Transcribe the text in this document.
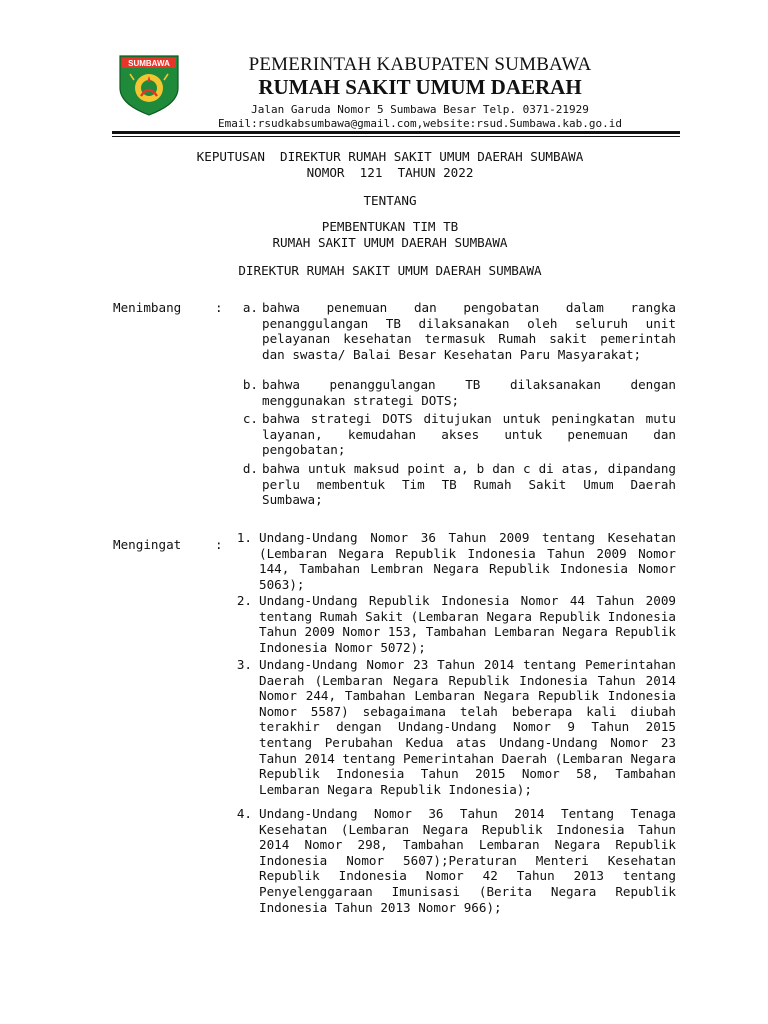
SUMBAWA	PEMERINTAH KABUPATEN SUMBAWA
RUMAH SAKIT UMUM DAERAH
Jalan Garuda Nomor 5 Sumbawa Besar Telp. 0371-21929
Email:rsudkabsumbawa@gmail.com,website:rsud.Sumbawa.kab.go.id
KEPUTUSAN  DIREKTUR RUMAH SAKIT UMUM DAERAH SUMBAWA
NOMOR  121  TAHUN 2022
TENTANG
PEMBENTUKAN TIM TB
RUMAH SAKIT UMUM DAERAH SUMBAWA
DIREKTUR RUMAH SAKIT UMUM DAERAH SUMBAWA
Menimbang	:	a. bahwa penemuan dan pengobatan dalam rangka penanggulangan TB dilaksanakan oleh seluruh unit pelayanan kesehatan termasuk Rumah sakit pemerintah dan swasta/ Balai Besar Kesehatan Paru Masyarakat;
b. bahwa penanggulangan TB dilaksanakan dengan menggunakan strategi DOTS;
c. bahwa strategi DOTS ditujukan untuk peningkatan mutu layanan, kemudahan akses untuk penemuan dan pengobatan;
d. bahwa untuk maksud point a, b dan c di atas, dipandang perlu membentuk Tim TB Rumah Sakit Umum Daerah Sumbawa;
Mengingat	:	1. Undang-Undang Nomor 36 Tahun 2009 tentang Kesehatan (Lembaran Negara Republik Indonesia Tahun 2009 Nomor 144, Tambahan Lembran Negara Republik Indonesia Nomor 5063);
2. Undang-Undang Republik Indonesia Nomor 44 Tahun 2009 tentang Rumah Sakit (Lembaran Negara Republik Indonesia Tahun 2009 Nomor 153, Tambahan Lembaran Negara Republik Indonesia Nomor 5072);
3. Undang-Undang Nomor 23 Tahun 2014 tentang Pemerintahan Daerah (Lembaran Negara Republik Indonesia Tahun 2014 Nomor 244, Tambahan Lembaran Negara Republik Indonesia Nomor 5587) sebagaimana telah beberapa kali diubah terakhir dengan Undang-Undang Nomor 9 Tahun 2015 tentang Perubahan Kedua atas Undang-Undang Nomor 23 Tahun 2014 tentang Pemerintahan Daerah (Lembaran Negara Republik Indonesia Tahun 2015 Nomor 58, Tambahan Lembaran Negara Republik Indonesia);
4. Undang-Undang Nomor 36 Tahun 2014 Tentang Tenaga Kesehatan (Lembaran Negara Republik Indonesia Tahun 2014 Nomor 298, Tambahan Lembaran Negara Republik Indonesia Nomor 5607);Peraturan Menteri Kesehatan Republik Indonesia Nomor 42 Tahun 2013 tentang Penyelenggaraan Imunisasi (Berita Negara Republik Indonesia Tahun 2013 Nomor 966);
